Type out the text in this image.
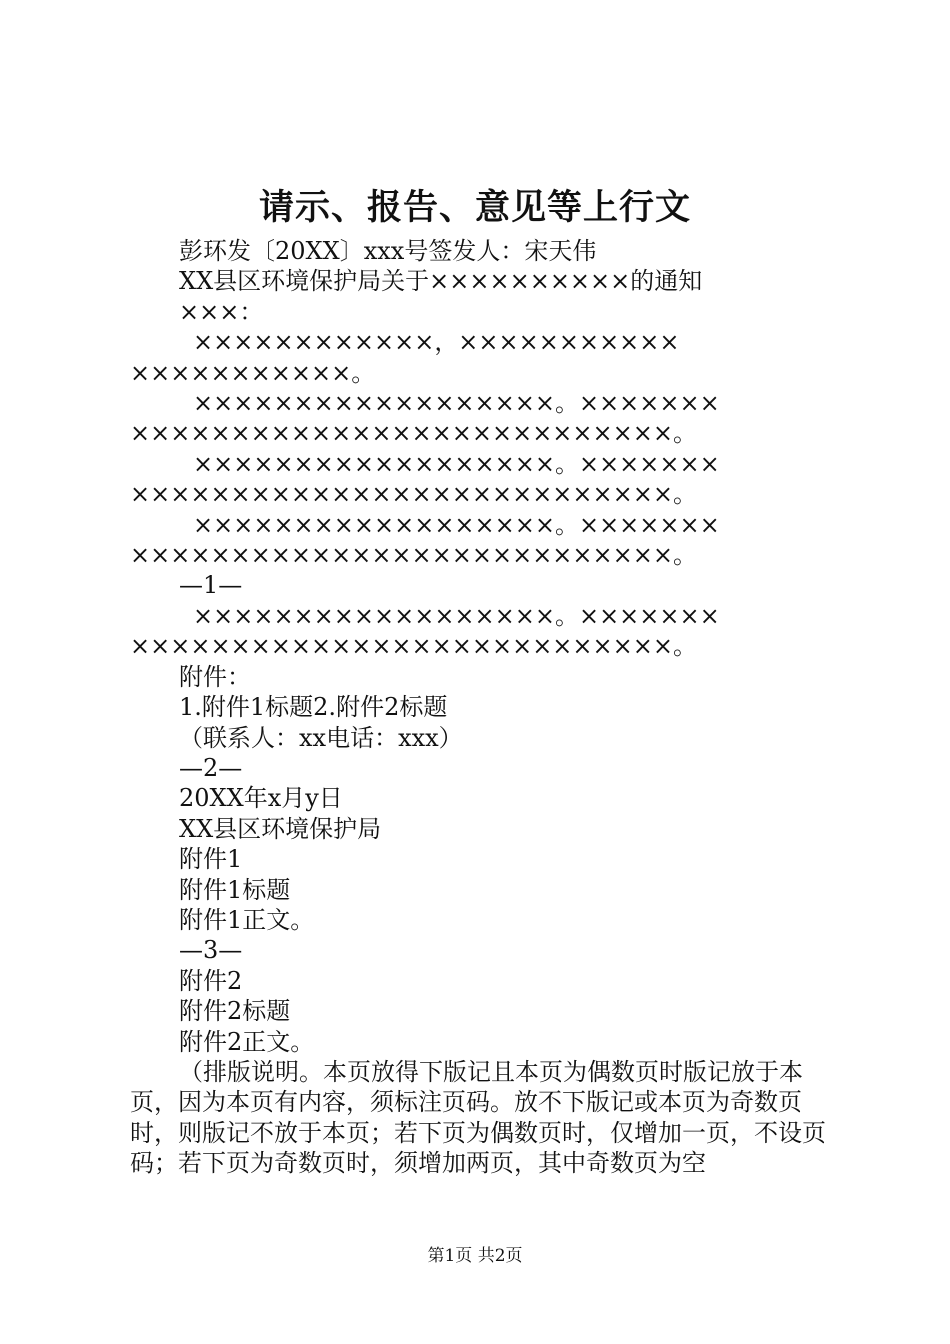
请示、报告、意见等上行文
彭环发〔20XX〕xxx号签发人：宋天伟
XX县区环境保护局关于××××××××××的通知
×××：
××××××××××××，×××××××××××
×××××××××××。
××××××××××××××××××。×××××××
×××××××××××××××××××××××××××。
××××××××××××××××××。×××××××
×××××××××××××××××××××××××××。
××××××××××××××××××。×××××××
×××××××××××××××××××××××××××。
—1—
××××××××××××××××××。×××××××
×××××××××××××××××××××××××××。
附件：
1.附件1标题2.附件2标题
（联系人：xx电话：xxx）
—2—
20XX年x月y日
XX县区环境保护局
附件1
附件1标题
附件1正文。
—3—
附件2
附件2标题
附件2正文。
（排版说明。本页放得下版记且本页为偶数页时版记放于本页，因为本页有内容，须标注页码。放不下版记或本页为奇数页时，则版记不放于本页；若下页为偶数页时，仅增加一页，不设页码；若下页为奇数页时，须增加两页，其中奇数页为空
第1页 共2页
